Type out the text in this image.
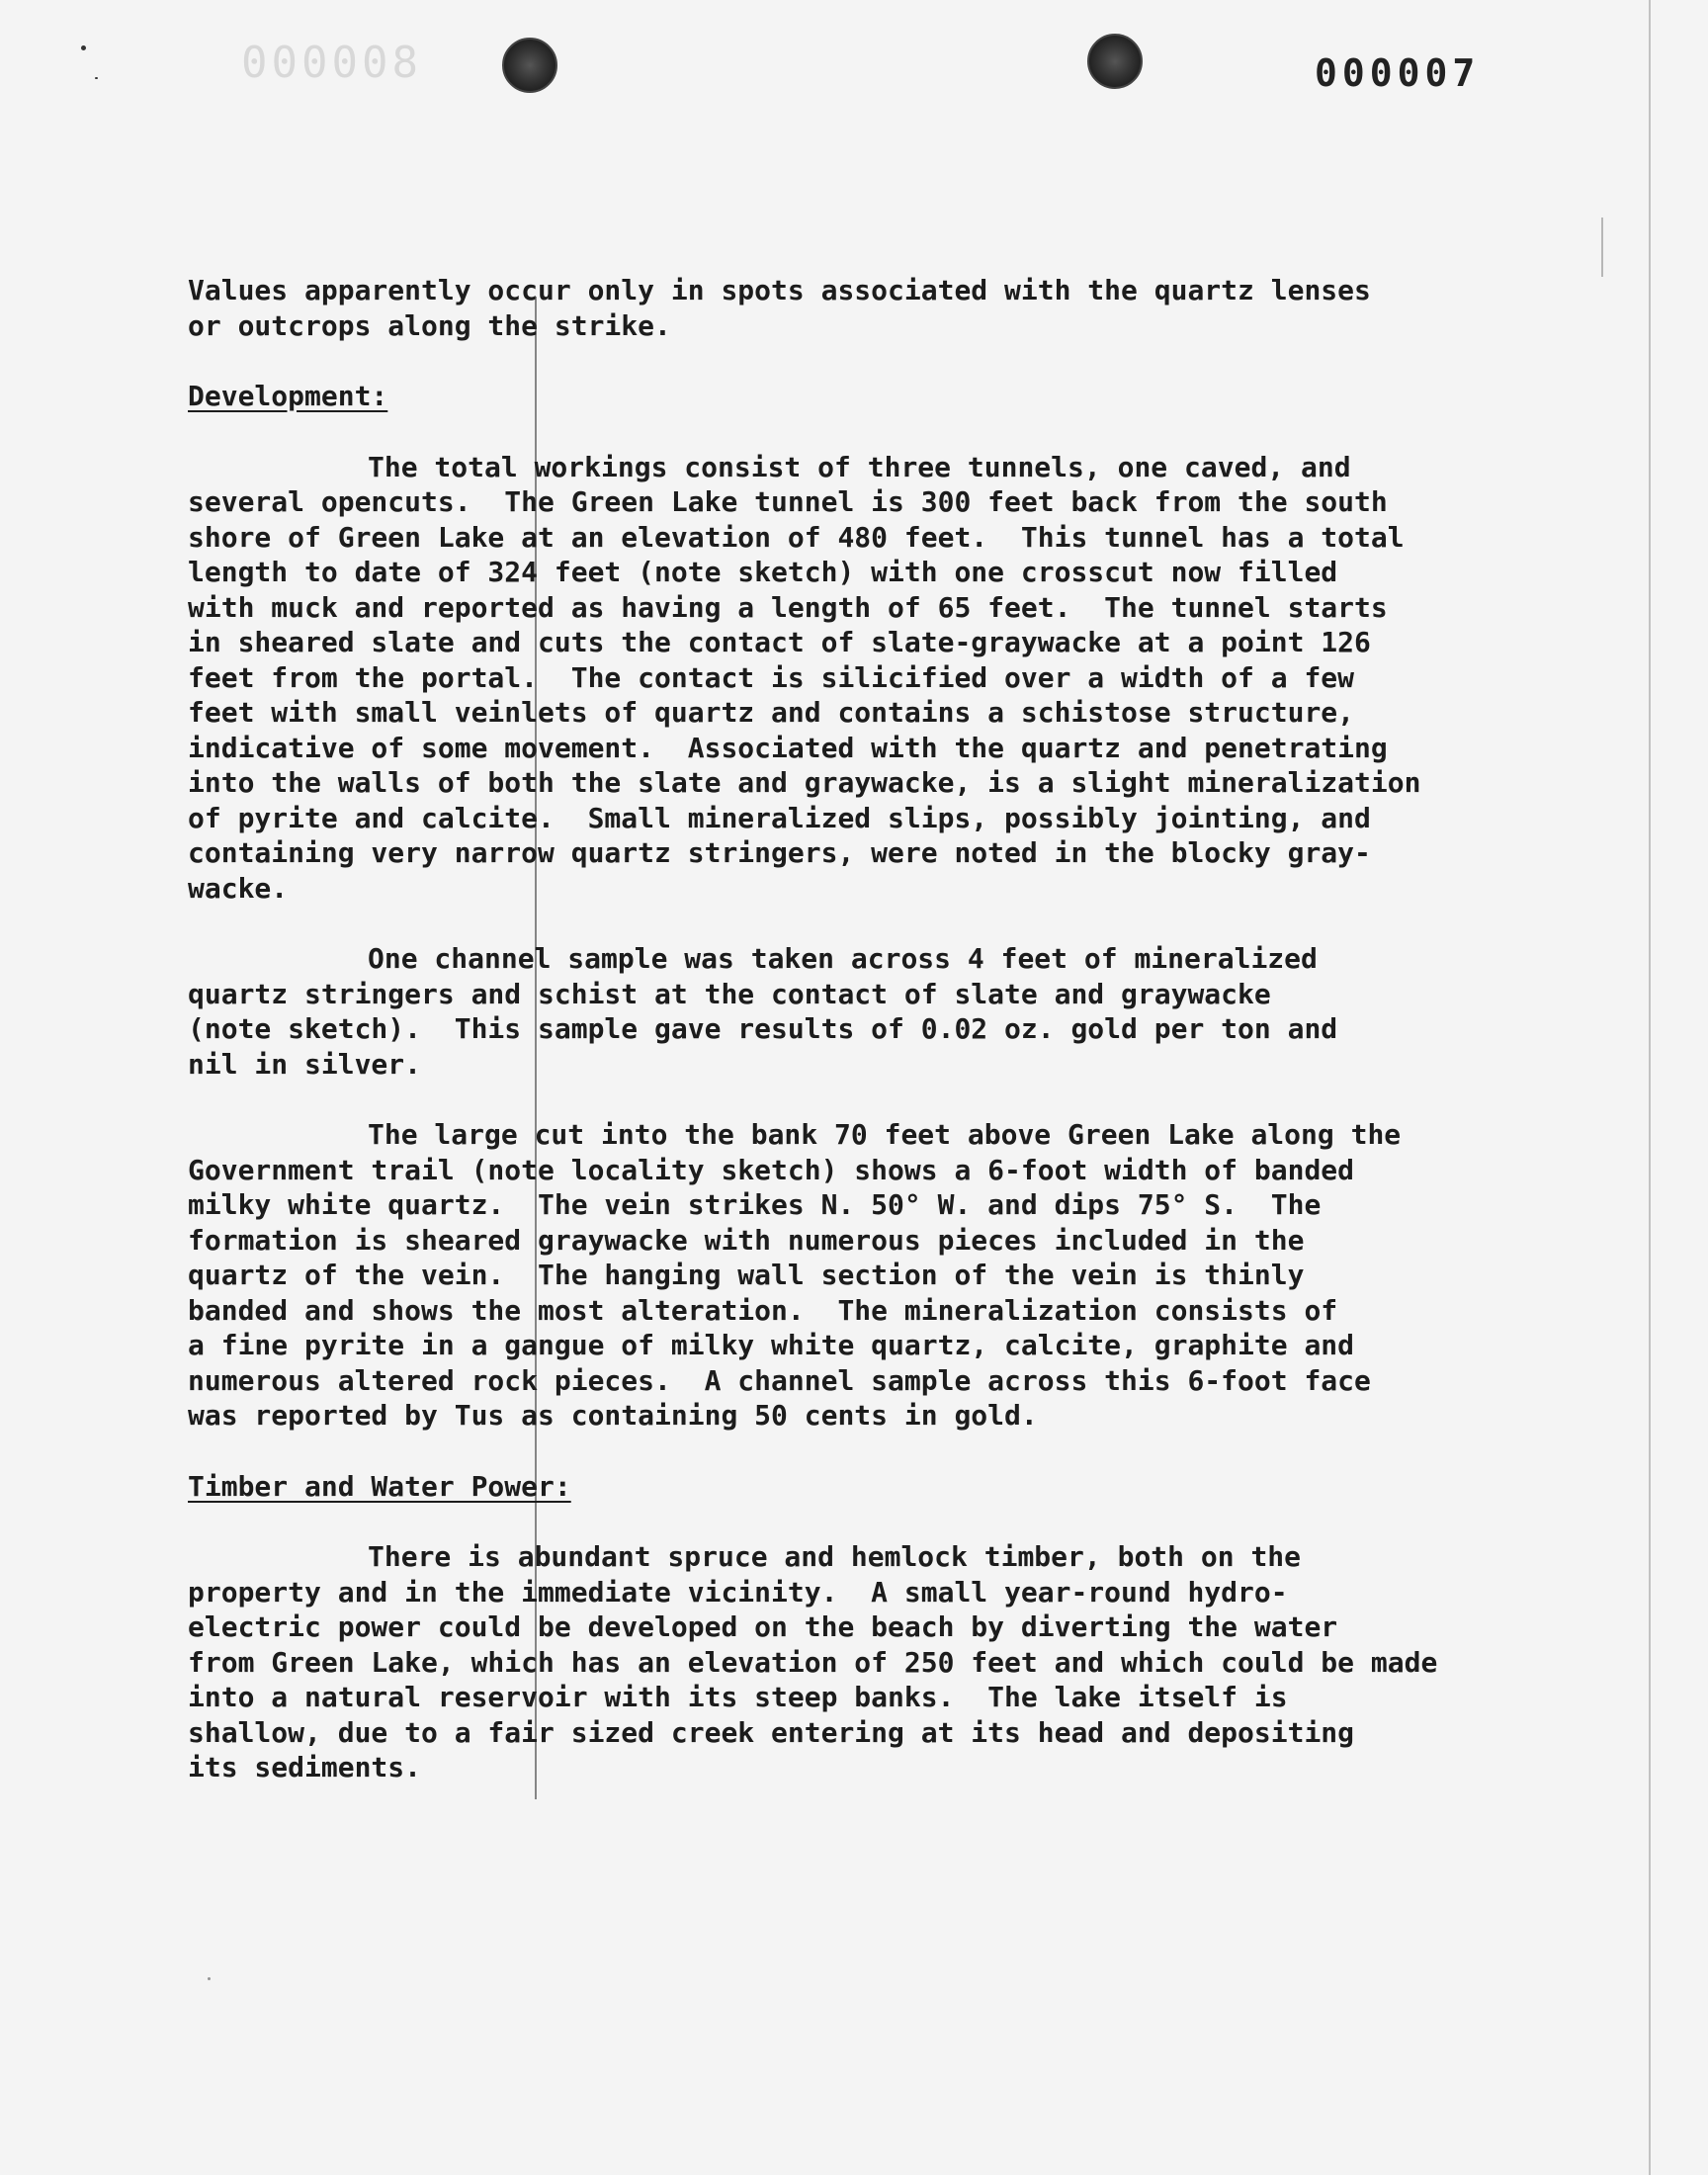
800000	000007

Values apparently occur only in spots associated with the quartz lenses

or outcrops along the strike.

Development:

The total workings consist of three tunnels, one caved, and

several opencuts.  The Green Lake tunnel is 300 feet back from the south

shore of Green Lake at an elevation of 480 feet.  This tunnel has a total

length to date of 324 feet (note sketch) with one crosscut now filled

with muck and reported as having a length of 65 feet.  The tunnel starts

in sheared slate and cuts the contact of slate-graywacke at a point 126

feet from the portal.  The contact is silicified over a width of a few

feet with small veinlets of quartz and contains a schistose structure,

indicative of some movement.  Associated with the quartz and penetrating

into the walls of both the slate and graywacke, is a slight mineralization

of pyrite and calcite.  Small mineralized slips, possibly jointing, and

containing very narrow quartz stringers, were noted in the blocky gray-

wacke.

One channel sample was taken across 4 feet of mineralized

quartz stringers and schist at the contact of slate and graywacke

(note sketch).  This sample gave results of 0.02 oz. gold per ton and

nil in silver.

The large cut into the bank 70 feet above Green Lake along the

Government trail (note locality sketch) shows a 6-foot width of banded

milky white quartz.  The vein strikes N. 50° W. and dips 75° S.  The

formation is sheared graywacke with numerous pieces included in the

quartz of the vein.  The hanging wall section of the vein is thinly

banded and shows the most alteration.  The mineralization consists of

a fine pyrite in a gangue of milky white quartz, calcite, graphite and

numerous altered rock pieces.  A channel sample across this 6-foot face

was reported by Tus as containing 50 cents in gold.

Timber and Water Power:

There is abundant spruce and hemlock timber, both on the

property and in the immediate vicinity.  A small year-round hydro-

electric power could be developed on the beach by diverting the water

from Green Lake, which has an elevation of 250 feet and which could be made

into a natural reservoir with its steep banks.  The lake itself is

shallow, due to a fair sized creek entering at its head and depositing

its sediments.
